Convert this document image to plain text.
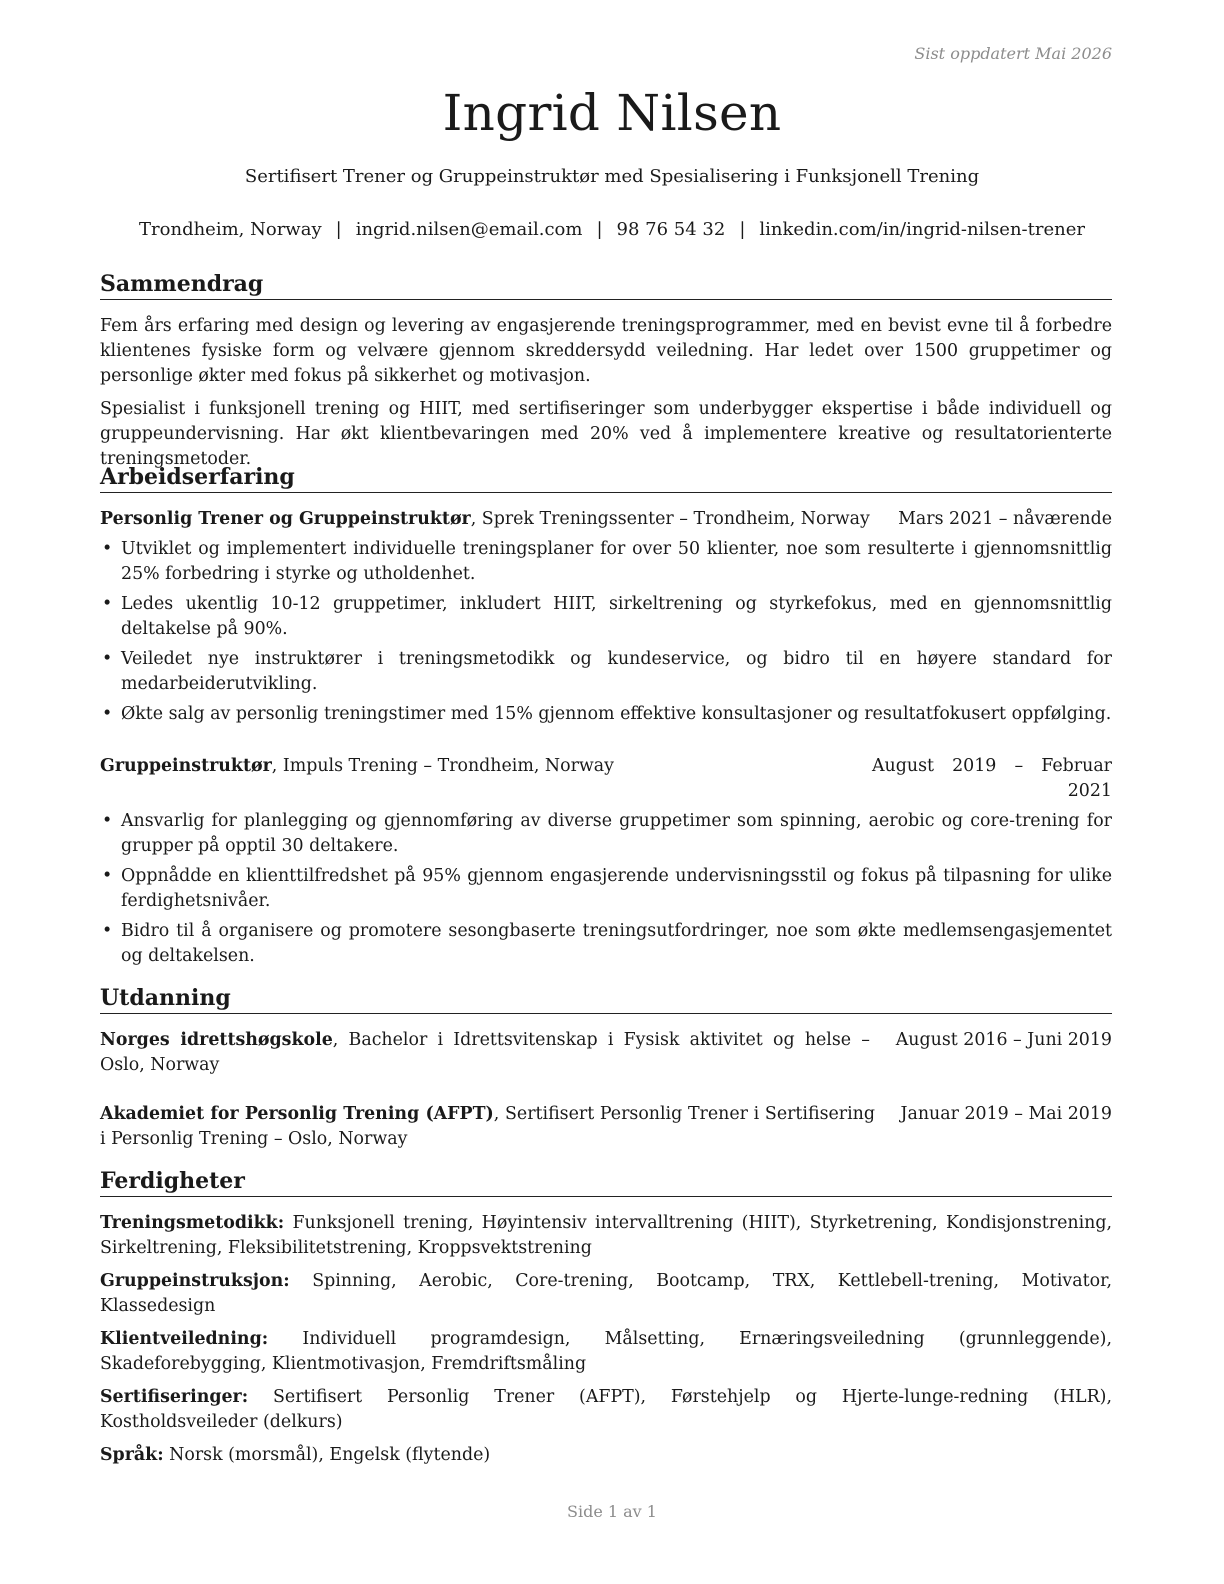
Sist oppdatert Mai 2026
Ingrid Nilsen
Sertifisert Trener og Gruppeinstruktør med Spesialisering i Funksjonell Trening
Trondheim, Norway | ingrid.nilsen@email.com | 98 76 54 32 | linkedin.com/in/ingrid-nilsen-trener
Sammendrag

Fem års erfaring med design og levering av engasjerende treningsprogrammer, med en bevist evne til å forbedre klientenes fysiske form og velvære gjennom skreddersydd veiledning. Har ledet over 1500 gruppetimer og personlige økter med fokus på sikkerhet og motivasjon.

Spesialist i funksjonell trening og HIIT, med sertifiseringer som underbygger ekspertise i både individuell og gruppeundervisning. Har økt klientbevaringen med 20% ved å implementere kreative og resultatorienterte treningsmetoder.

Arbeidserfaring
Personlig Trener og Gruppeinstruktør, Sprek Treningssenter – Trondheim, Norway Mars 2021 – nåværende
• Utviklet og implementert individuelle treningsplaner for over 50 klienter, noe som resulterte i gjennomsnittlig 25% forbedring i styrke og utholdenhet.
• Ledes ukentlig 10-12 gruppetimer, inkludert HIIT, sirkeltrening og styrkefokus, med en gjennomsnittlig deltakelse på 90%.
• Veiledet nye instruktører i treningsmetodikk og kundeservice, og bidro til en høyere standard for medarbeiderutvikling.
• Økte salg av personlig treningstimer med 15% gjennom effektive konsultasjoner og resultatfokusert oppfølging.
Gruppeinstruktør, Impuls Trening – Trondheim, Norway	August 2019 – Februar 2021
• Ansvarlig for planlegging og gjennomføring av diverse gruppetimer som spinning, aerobic og core-trening for grupper på opptil 30 deltakere.
• Oppnådde en klienttilfredshet på 95% gjennom engasjerende undervisningsstil og fokus på tilpasning for ulike ferdighetsnivåer.
• Bidro til å organisere og promotere sesongbaserte treningsutfordringer, noe som økte medlemsengasjementet og deltakelsen.
Utdanning
Norges idrettshøgskole, Bachelor i Idrettsvitenskap i Fysisk aktivitet og helse – Oslo, Norway
August 2016 – Juni 2019
Akademiet for Personlig Trening (AFPT), Sertifisert Personlig Trener i Sertifisering i Personlig Trening – Oslo, Norway
Januar 2019 – Mai 2019
Ferdigheter

Treningsmetodikk: Funksjonell trening, Høyintensiv intervalltrening (HIIT), Styrketrening, Kondisjonstrening, Sirkeltrening, Fleksibilitetstrening, Kroppsvektstrening

Gruppeinstruksjon: Spinning, Aerobic, Core-trening, Bootcamp, TRX, Kettlebell-trening, Motivator, Klassedesign

Klientveiledning: Individuell programdesign, Målsetting, Ernæringsveiledning (grunnleggende), Skadeforebygging, Klientmotivasjon, Fremdriftsmåling

Sertifiseringer: Sertifisert Personlig Trener (AFPT), Førstehjelp og Hjerte-lunge-redning (HLR), Kostholdsveileder (delkurs)

Språk: Norsk (morsmål), Engelsk (flytende)

Side 1 av 1
